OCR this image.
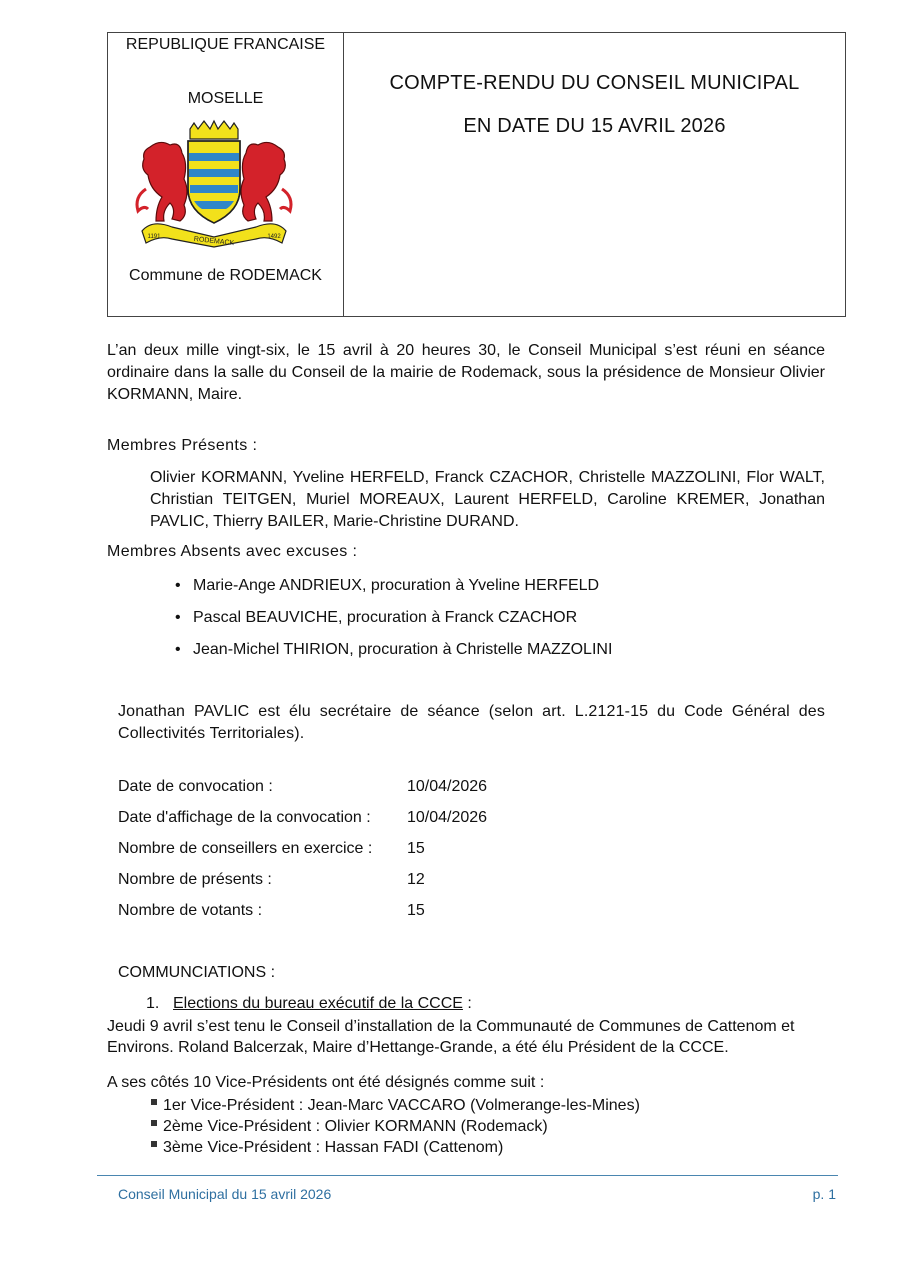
REPUBLIQUE FRANCAISE
MOSELLE
RODEMACK
1191	1492
Commune de RODEMACK
COMPTE-RENDU DU CONSEIL MUNICIPAL
EN DATE DU 15 AVRIL 2026
L’an deux mille vingt-six, le 15 avril à 20 heures 30, le Conseil Municipal s’est réuni en séance ordinaire dans la salle du Conseil de la mairie de Rodemack, sous la présidence de Monsieur Olivier KORMANN, Maire.
Membres Présents :
Olivier KORMANN, Yveline HERFELD, Franck CZACHOR, Christelle MAZZOLINI, Flor WALT, Christian TEITGEN, Muriel MOREAUX, Laurent HERFELD, Caroline KREMER, Jonathan PAVLIC, Thierry BAILER, Marie-Christine DURAND.
Membres Absents avec excuses :
• Marie-Ange ANDRIEUX, procuration à Yveline HERFELD
• Pascal BEAUVICHE, procuration à Franck CZACHOR
• Jean-Michel THIRION, procuration à Christelle MAZZOLINI
Jonathan PAVLIC est élu secrétaire de séance (selon art. L.2121-15 du Code Général des Collectivités Territoriales).
Date de convocation :	10/04/2026
Date d'affichage de la convocation :	10/04/2026
Nombre de conseillers en exercice :	15
Nombre de présents :	12
Nombre de votants :	15
COMMUNCIATIONS :
1. Elections du bureau exécutif de la CCCE :
Jeudi 9 avril s’est tenu le Conseil d’installation de la Communauté de Communes de Cattenom et Environs. Roland Balcerzak, Maire d’Hettange-Grande, a été élu Président de la CCCE.
A ses côtés 10 Vice-Présidents ont été désignés comme suit :
1er Vice-Président : Jean-Marc VACCARO (Volmerange-les-Mines)
2ème Vice-Président : Olivier KORMANN (Rodemack)
3ème Vice-Président : Hassan FADI (Cattenom)
Conseil Municipal du 15 avril 2026	p. 1
